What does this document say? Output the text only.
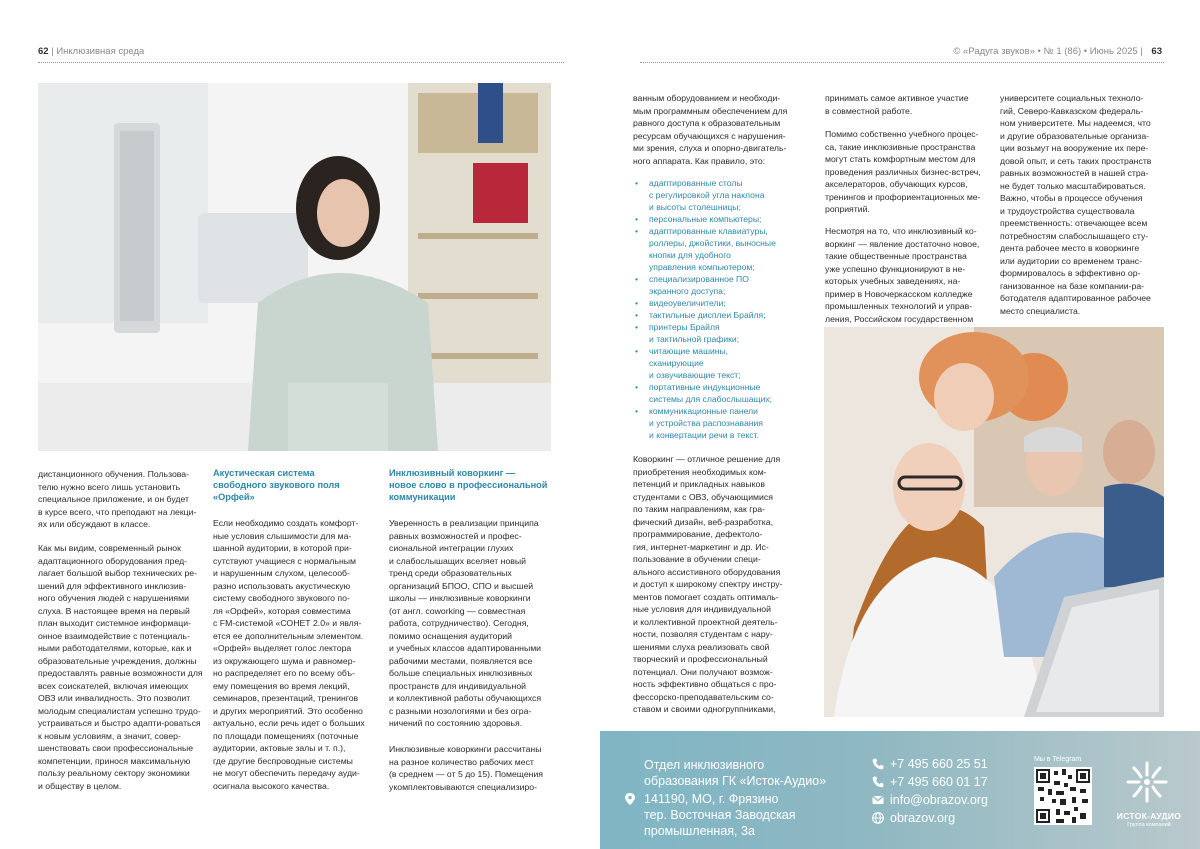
62 | Инклюзивная среда	© «Радуга звуков» • № 1 (86) • Июнь 2025 | 63
дистанционного обучения. Пользова-
телю нужно всего лишь установить
специальное приложение, и он будет
в курсе всего, что преподают на лекци-
ях или обсуждают в классе.
Как мы видим, современный рынок
адаптационного оборудования пред-
лагает большой выбор технических ре-
шений для эффективного инклюзив-
ного обучения людей с нарушениями
слуха. В настоящее время на первый
план выходит системное информаци-
онное взаимодействие с потенциаль-
ными работодателями, которые, как и
образовательные учреждения, должны
предоставлять равные возможности для
всех соискателей, включая имеющих
ОВЗ или инвалидность. Это позволит
молодым специалистам успешно трудо-
устраиваться и быстро адапти-роваться
к новым условиям, а значит, совер-
шенствовать свои профессиональные
компетенции, принося максимальную
пользу реальному сектору экономики
и обществу в целом.
Акустическая система
свободного звукового поля
«Орфей»
Если необходимо создать комфорт-
ные условия слышимости для ма-
шанной аудитории, в которой при-
сутствуют учащиеся с нормальным
и нарушенным слухом, целесооб-
разно использовать акустическую
систему свободного звукового по-
ля «Орфей», которая совместима
с FM-системой «СОНЕТ 2.0» и явля-
ется ее дополнительным элементом.
«Орфей» выделяет голос лектора
из окружающего шума и равномер-
но распределяет его по всему объ-
ему помещения во время лекций,
семинаров, презентаций, тренингов
и других мероприятий. Это особенно
актуально, если речь идет о больших
по площади помещениях (поточные
аудитории, актовые залы и т. п.),
где другие беспроводные системы
не могут обеспечить передачу ауди-
осигнала высокого качества.
Инклюзивный коворкинг —
новое слово в профессиональной
коммуникации
Уверенность в реализации принципа
равных возможностей и профес-
сиональной интеграции глухих
и слабослышащих вселяет новый
тренд среди образовательных
организаций БПОО, СПО и высшей
школы — инклюзивные коворкинги
(от англ. coworking — совместная
работа, сотрудничество). Сегодня,
помимо оснащения аудиторий
и учебных классов адаптированными
рабочими местами, появляется все
больше специальных инклюзивных
пространств для индивидуальной
и коллективной работы обучающихся
с разными нозологиями и без огра-
ничений по состоянию здоровья.
Инклюзивные коворкинги рассчитаны
на разное количество рабочих мест
(в среднем — от 5 до 15). Помещения
укомплектовываются специализиро-
ванным оборудованием и необходи-
мым программным обеспечением для
равного доступа к образовательным
ресурсам обучающихся с нарушения-
ми зрения, слуха и опорно-двигатель-
ного аппарата. Как правило, это:
• адаптированные столы
с регулировкой угла наклона
и высоты столешницы;
• персональные компьютеры;
• адаптированные клавиатуры,
роллеры, джойстики, выносные
кнопки для удобного
управления компьютером;
• специализированное ПО
экранного доступа;
• видеоувеличители;
• тактильные дисплеи Брайля;
• принтеры Брайля
и тактильной графики;
• читающие машины,
сканирующие
и озвучивающие текст;
• портативные индукционные
системы для слабослышащих;
• коммуникационные панели
и устройства распознавания
и конвертации речи в текст.
Коворкинг — отличное решение для
приобретения необходимых ком-
петенций и прикладных навыков
студентами с ОВЗ, обучающимися
по таким направлениям, как гра-
фический дизайн, веб-разработка,
программирование, дефектоло-
гия, интернет-маркетинг и др. Ис-
пользование в обучении специ-
ального ассистивного оборудования
и доступ к широкому спектру инстру-
ментов помогает создать оптималь-
ные условия для индивидуальной
и коллективной проектной деятель-
ности, позволяя студентам с нару-
шениями слуха реализовать свой
творческий и профессиональный
потенциал. Они получают возмож-
ность эффективно общаться с про-
фессорско-преподавательским со-
ставом и своими одногруппниками,
принимать самое активное участие
в совместной работе.
Помимо собственно учебного процес-
са, такие инклюзивные пространства
могут стать комфортным местом для
проведения различных бизнес-встреч,
акселераторов, обучающих курсов,
тренингов и профориентационных ме-
роприятий.
Несмотря на то, что инклюзивный ко-
воркинг — явление достаточно новое,
такие общественные пространства
уже успешно функционируют в не-
которых учебных заведениях, на-
пример в Новочеркасском колледже
промышленных технологий и управ-
ления, Российском государственном
университете социальных техноло-
гий, Северо-Кавказском федераль-
ном университете. Мы надеемся, что
и другие образовательные организа-
ции возьмут на вооружение их пере-
довой опыт, и сеть таких пространств
равных возможностей в нашей стра-
не будет только масштабироваться.
Важно, чтобы в процессе обучения
и трудоустройства существовала
преемственность: отвечающее всем
потребностям слабослышащего сту-
дента рабочее место в коворкинге
или аудитории со временем транс-
формировалось в эффективно ор-
ганизованное на базе компании-ра-
ботодателя адаптированное рабочее
место специалиста.
Отдел инклюзивного
образования ГК «Исток-Аудио»
141190, МО, г. Фрязино
тер. Восточная Заводская
промышленная, 3а
+7 495 660 25 51
+7 495 660 01 17
info@obrazov.org
obrazov.org
Мы в Telegram
ИСТОК-АУДИО
Группа компаний
